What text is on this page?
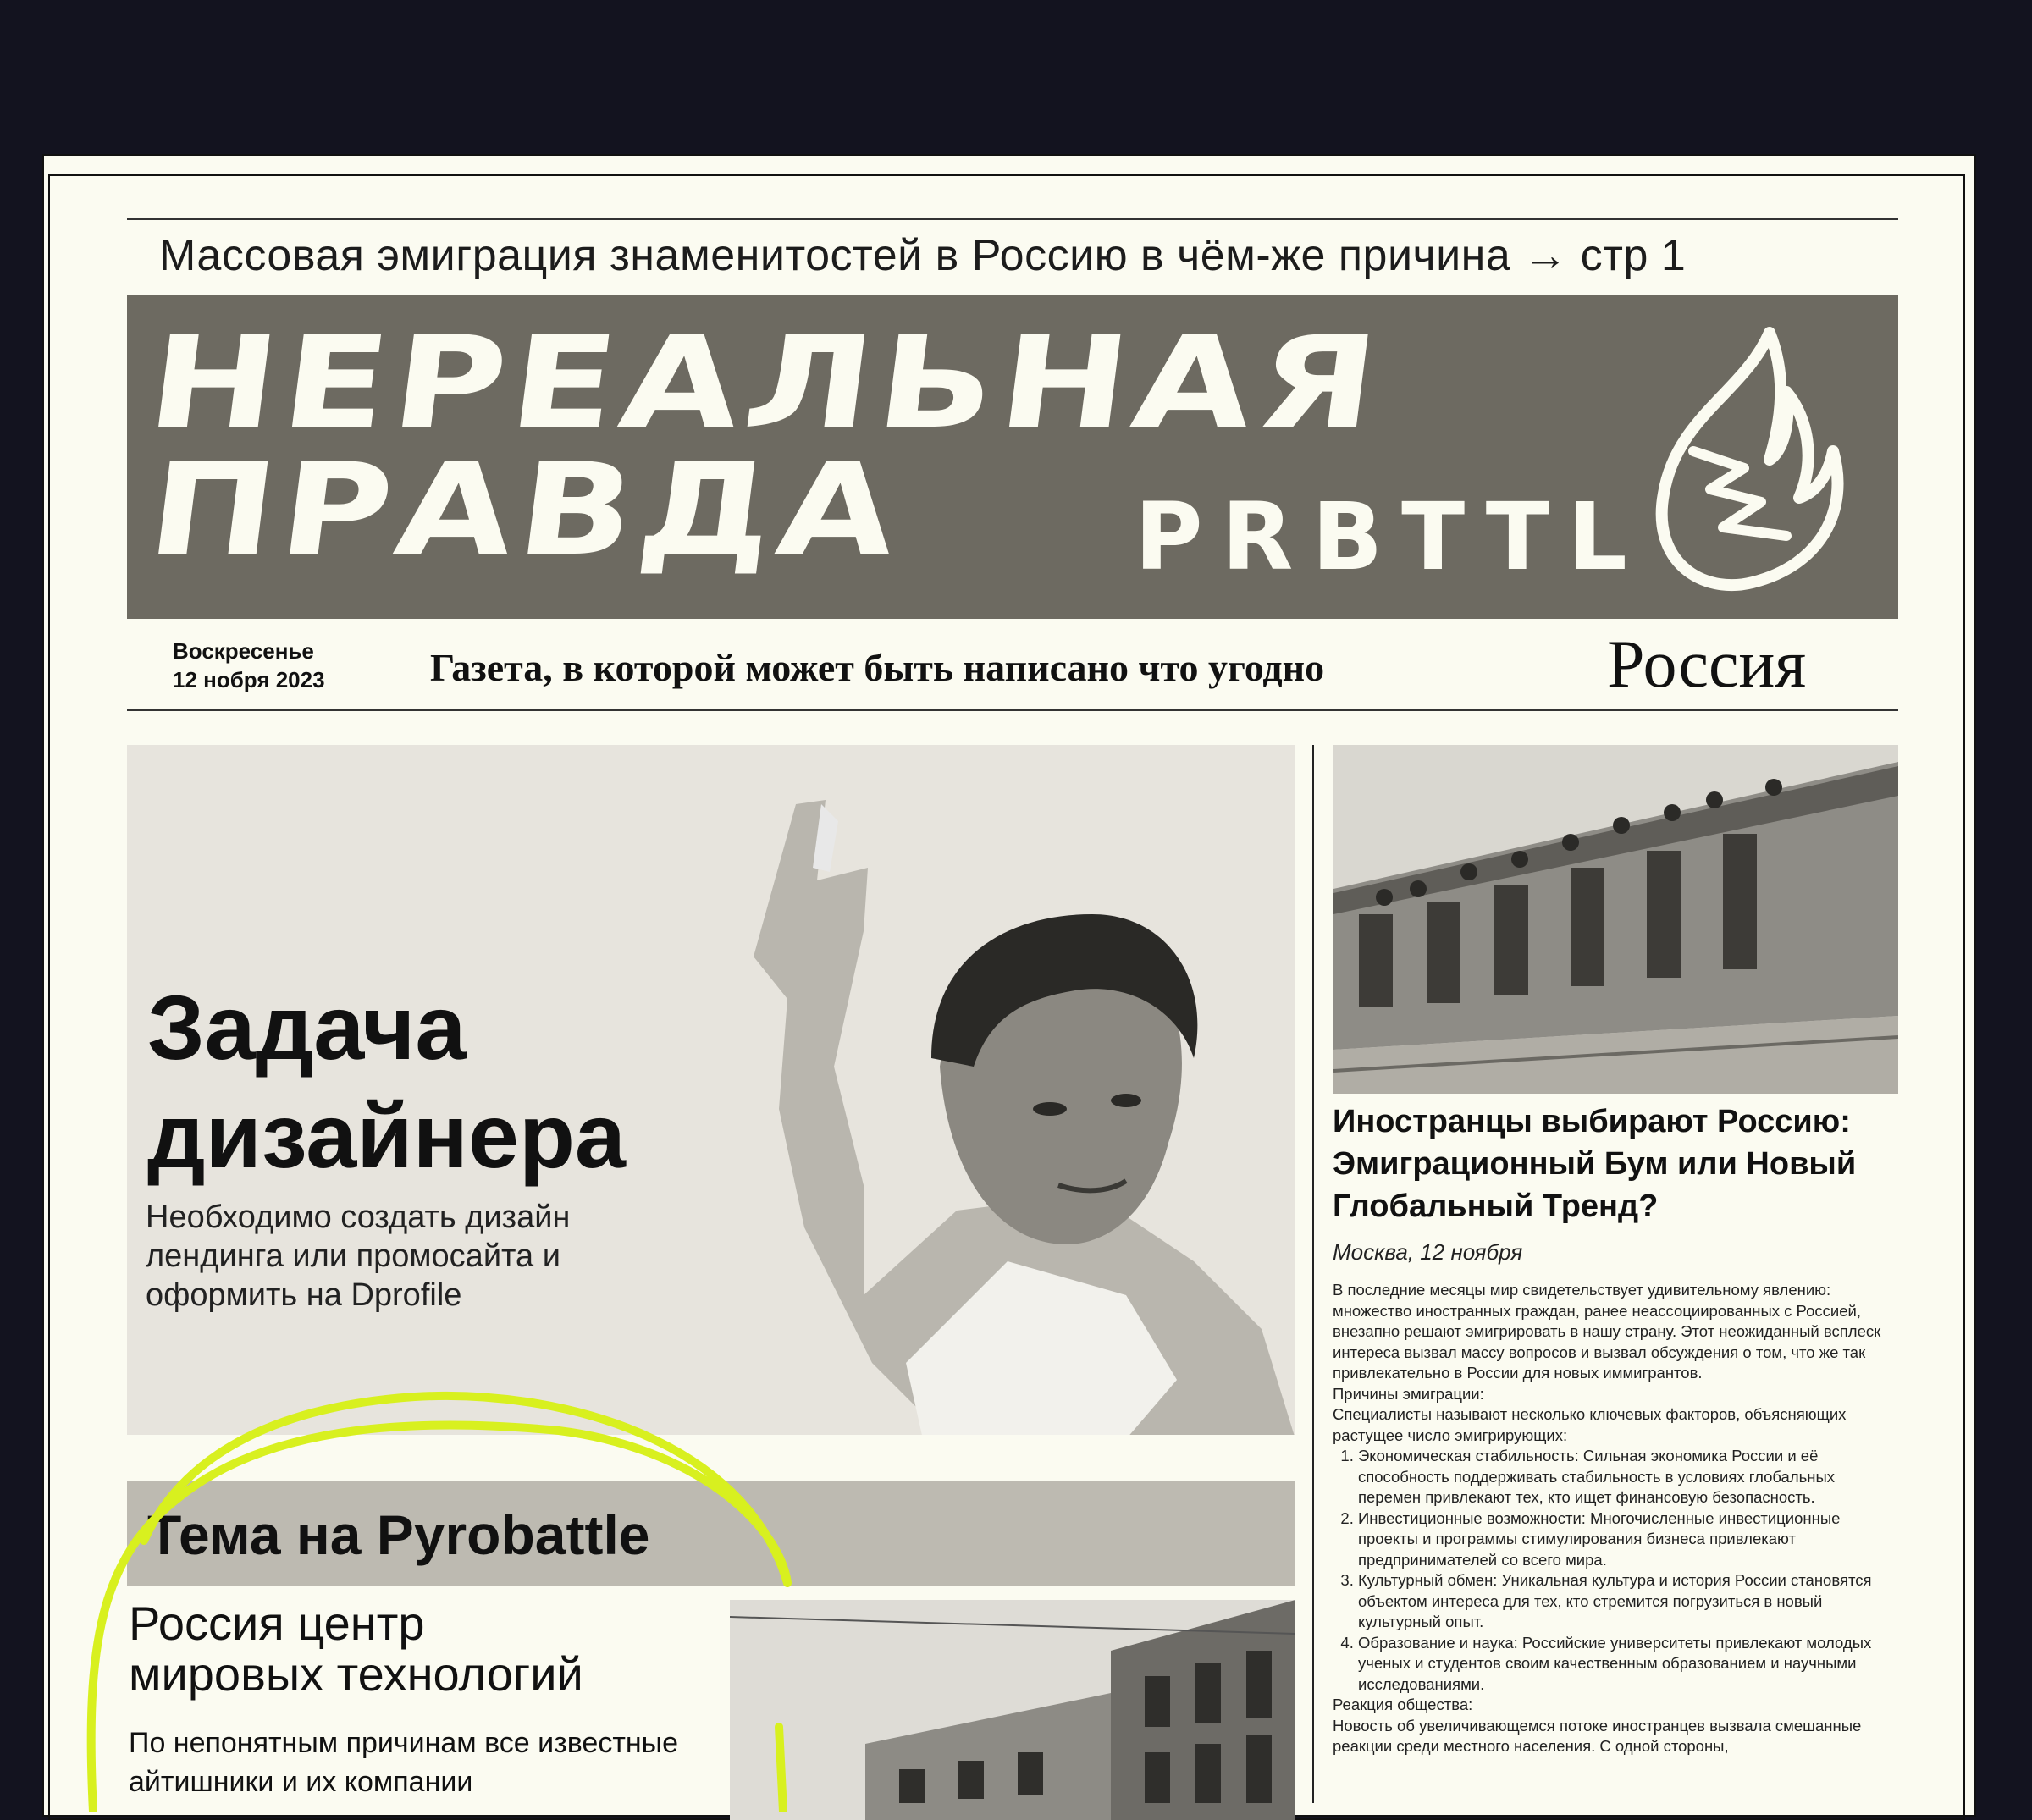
Массовая эмиграция знаменитостей в Россию в чём-же причина → стр 1
НЕРЕАЛЬНАЯ
ПРАВДА PRBTTL
Воскресенье
12 нобря 2023	Газета, в которой может быть написано что угодно	Россия
Задача
дизайнера
Необходимо создать дизайн лендинга или промосайта и оформить на Dprofile
Иностранцы выбирают Россию: Эмиграционный Бум или Новый Глобальный Тренд?
Москва, 12 ноября

В последние месяцы мир свидетельствует удивительному явлению: множество иностранных граждан, ранее неассоциированных с Россией, внезапно решают эмигрировать в нашу страну. Этот неожиданный всплеск интереса вызвал массу вопросов и вызвал обсуждения о том, что же так привлекательно в России для новых иммигрантов.

Причины эмиграции:

Специалисты называют несколько ключевых факторов, объясняющих растущее число эмигрирующих:

1. Экономическая стабильность: Сильная экономика России и её способность поддерживать стабильность в условиях глобальных перемен привлекают тех, кто ищет финансовую безопасность.
2. Инвестиционные возможности: Многочисленные инвестиционные проекты и программы стимулирования бизнеса привлекают предпринимателей со всего мира.
3. Культурный обмен: Уникальная культура и история России становятся объектом интереса для тех, кто стремится погрузиться в новый культурный опыт.
4. Образование и наука: Российские университеты привлекают молодых ученых и студентов своим качественным образованием и научными исследованиями.

Реакция общества:

Новость об увеличивающемся потоке иностранцев вызвала смешанные реакции среди местного населения. С одной стороны,

Тема на Pyrobattle
Россия центр
мировых технологий
По непонятным причинам все известные айтишники и их компании
